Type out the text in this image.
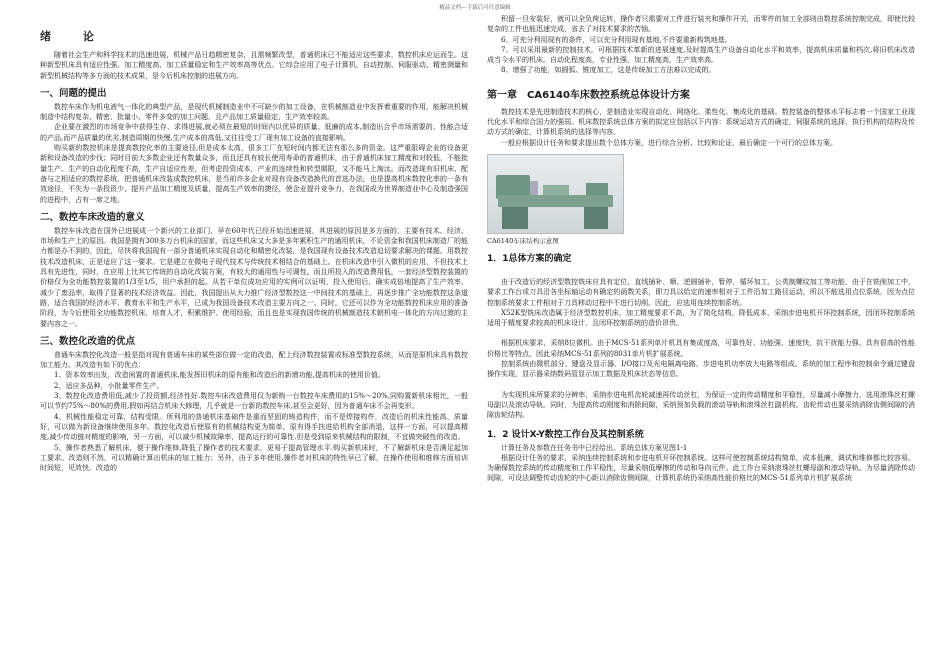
精品文档---下载后可任意编辑
绪 论

随着社会生产和科学技术的迅速进展，机械产品日趋精密复杂，且需频繁改型，普通机床已不能适应这些要求，数控机床应运而生。这种新型机床具有适应性强、加工精度高、加工质量稳定和生产效率高等优点。它综合应用了电子计算机、自动控制、伺服驱动、精密测量和新型机械结构等多方面的技术成果，是今后机床控制的进展方向。

一、问题的提出

数控车床作为机电液气一体化的典型产品，是现代机械制造业中不可缺少的加工设备，在机械制造业中发挥着重要的作用，能解决机械制造中结构复杂、精密、批量小、零件多变的加工问题，且产品加工质量稳定、生产效率较高。

企业要在激烈的市场竞争中获得生存、求得进展,就必须在最短的时间内以优异的质量、低廉的成本,制造出合乎市场需要的、性能合适的产品,而产品质量的优劣,制造周期的快慢,生产成本的高低,又往往受工厂现有加工设备的直接影响。

购买新的数控机床是提高数控化率的主要途径,但是成本太高，很多工厂在短时间内都无法有那么多的资金。这严重阻碍企业的设备更新和设备改造的步伐；同时目前大多数企业还有数量众多，而且还具有较长使用寿命的普通机床，由于普通机床加工精度和对较低，不能批量生产。生产的自动化程度不高，生产自适应性差，但考虑投资成本，产业的连续性和转型期限，又不能马上淘汰。而改造现有旧机床、配备与之相适应的数控系统，把普通机床改装成数控机床，是当前许多企业对现有设备改造换代的首选办法，也是提高机床数控化率的一条有效途径，不失为一条投资少、提升产品加工精度及质量，提高生产效率的捷径，使企业提升竞争力，在我国成为世界制造业中心及制造强国的进程中，占有一席之地。

二、数控车床改造的意义

数控车床改造在国外已进展成一个新兴的工业部门，早在60年代已经开始迅速进展，其进展的原因是多方面的，主要有技术、经济、市场和生产上的原因。我国是拥有300多万台机床的国家，而这些机床又大多是多年累积生产的通用机床，不论资金和我国机床制造厂的能力都是办不到的。因此，尽快将我国现有一部分普通机床实现自动化和精密化改装，是我国现有设备技术改造迫切要求解决的课题。用数控技术改造机床，正是适应了这一要求。它是建立在微电子现代技术与传统技术相结合的基础上。在机床改造中引入微机的应用，不但技术上具有先进性，同时，在应用上比其它传统的自动化改装方案，有较大的通用性与可调性。而且所投入的改造费用低，一套经济型数控装置的价格仅为全功能数控装置的1/3至1/5，用户承担的起。从若干单位成功应用的实例可以证明，投入使用后，确实成倍地提高了生产效率，减少了废品率，取得了显著的技术经济效益。因此，我国提出从大力推广经济型数控这一中间技术的基础上，再逐步推广全功能数控这条道路，适合我国的经济水平、教育水平和生产水平，已成为我国设备技术改造主要方向之一。同时，它还可以作为全功能数控机床应用的准备阶段，为今后使用全功能数控机床，培育人才，积累维护、使用经验，而且也是实现我国传统的机械制造技术朝机电一体化的方向过渡的主要内容之一。

三、数控化改造的优点

普通车床数控化改造一般是指对现有普通车床的某些部位做一定的改造，配上经济数控装置或标准型数控系统，从而是原机床具有数控加工能力。其改造有如下的优点：

1、资本效率出发，改造闲置的普通机床,能发挥旧机床的原有能和改造后的新增功能,提高机床的使用价值。

2、适应多品种，小批量零件生产。

3、数控化改造费用低,减少了投资额,经济性好.数控车床改造费用仅为新购一台数控车床费用的15%～20%,同购置新机床相比，一般可以节约75%～80%的费用,假如再结合机床大修理，几乎就是一台新的数控车床,甚至会更好，因为普通车床不会再变形。

4、机械性能稳定可靠，结构受限。所利用的普通机床基础件是重而坚固的铸造构件，而不是焊接构件，改造后的机床性能高、质量好，可以做为新设备继续使用多年。数控化改造后使原有的机械结构更为简单，原有得手扶进给机构全部消退，这样一方面，可以提高精度,减少传动链对精度的影响，另一方面，可以减少机械故障率，提高运行的可靠性.但是受到原来机械结构的限制，不宜做突破性的改造。

5、操作者熟悉了解机床，便于操作维修,降低了操作者的技术要求，更易于提高管理水平.购买新机床时，不了解新机床是否满足起加工要求。改造则不然，可以精确计算出机床的加工能力；另外，由于多年使用,操作者对机床的特性早已了解，在操作使用和维修方面培训时间短，见效快。改造的

积留一旦安装好，就可以全负荷运转，操作者只需要对工件进行装夹和操作开关，而零件的加工全部则由数控系统控制完成，即使比较复杂的工件也能迅速完成，省去了对技术要求的苦恼。

6、可充分利用现有的条件，可以充分利用现有基地,不许要重新构筑地基。

7、可以采用最新的控制技术，可根据技术革新的进展速度,及时提高生产设备自动化水平和效率，提高机床质量和档次,将旧机床改造成当今水平的机床。自动化程度高，专业性强，加工精度高，生产效率高。

8、增强了功能，如圆弧、锥度加工，这是传统加工方法难以完成的。

第一章　CA6140车床数控系统总体设计方案

数控技术是先进制造技术的核心，是制造业实现自动化、网络化、柔性化、集成化的基础。数控装备的整体水平标志着一个国家工业现代化水平和综合国力的强弱。机床数控系统总体方案的拟定应包括以下内容：系统运动方式的确定，伺服系统的选择、执行机构的结构及传动方式的确定，计算机系统的选择等内容。

一般应根据设计任务和要求提出数个总体方案，进行综合分析、比较和论证，最后确定一个可行的总体方案。

CA6140车床结构示意图
1．1总体方案的确定

由于改造后的经济型数控铣床应具有定位、直线插补、顺、逆圆插补，暂停，循环加工，公英制螺纹加工等功能，由于在铣削加工中，要求工作台或刀具沿各坐标轴运动有确定的函数关系，即刀具以给定的速率相对于工件沿加工路径运动，所以不能选用点位系统，因为点位控制系统要求工件相对于刀具移动过程中不进行切削。因此，应选用连续控制系统。

X52K型铣床改造属于经济型数控机床，加工精度要求不高，为了简化结构，降低成本，采纳步进电机开环控制系统，因闭环控制系统适用于精度要求较高的机床设计，且闭环控制系统的造价昂贵。

根据机床要求，采纳8位微机。由于MCS-51系列单片机具有集成度高，可靠性好、功能强、速度快、抗干扰能力强、具有很高的性能价格比等特点，因此采纳MCS-51系列的8031单片机扩展系统。

控制系统由微机部分、键盘及显示器、I/O接口及光电隔离电路、步进电机功率放大电路等组成。系统的加工程序和控制命令通过键盘操作实现，显示器采纳数码管显示加工数据及机床状态等信息。

为实现机床所要求的分辨率，采纳步进电机齿轮减速再传动丝杠，为保证一定的传动精度和平稳性，尽量减小摩擦力，选用滚珠丝杠螺母副以及滚动导轨。同时，为提高传动刚度和消除间隙，采纳预加负载的滚动导轨和滚珠丝杠副机构。齿轮传动也要采纳消除齿侧间隙的消隙齿轮结构。

1．2 设计X-Y数控工作台及其控制系统

计算任务及参数在任务书中已经给出。系统总体方案见图1-1

根据设计任务的要求，采纳连续控制系统和步进电机开环控制系统。这样可使控制系统结构简单，成本低廉，调试和维修都比较容易。为确保数控系统的传动精度和工作平稳性，尽量采纳低摩擦的传动和导向元件。此工作台采纳滚珠丝杠螺母副和滚动导轨。为尽量消除传动间隙，可设法调整传动齿轮的中心距以消除齿侧间隙，计算机系统仍采纳高性能价格比的MCS-51系列单片机扩展系统
